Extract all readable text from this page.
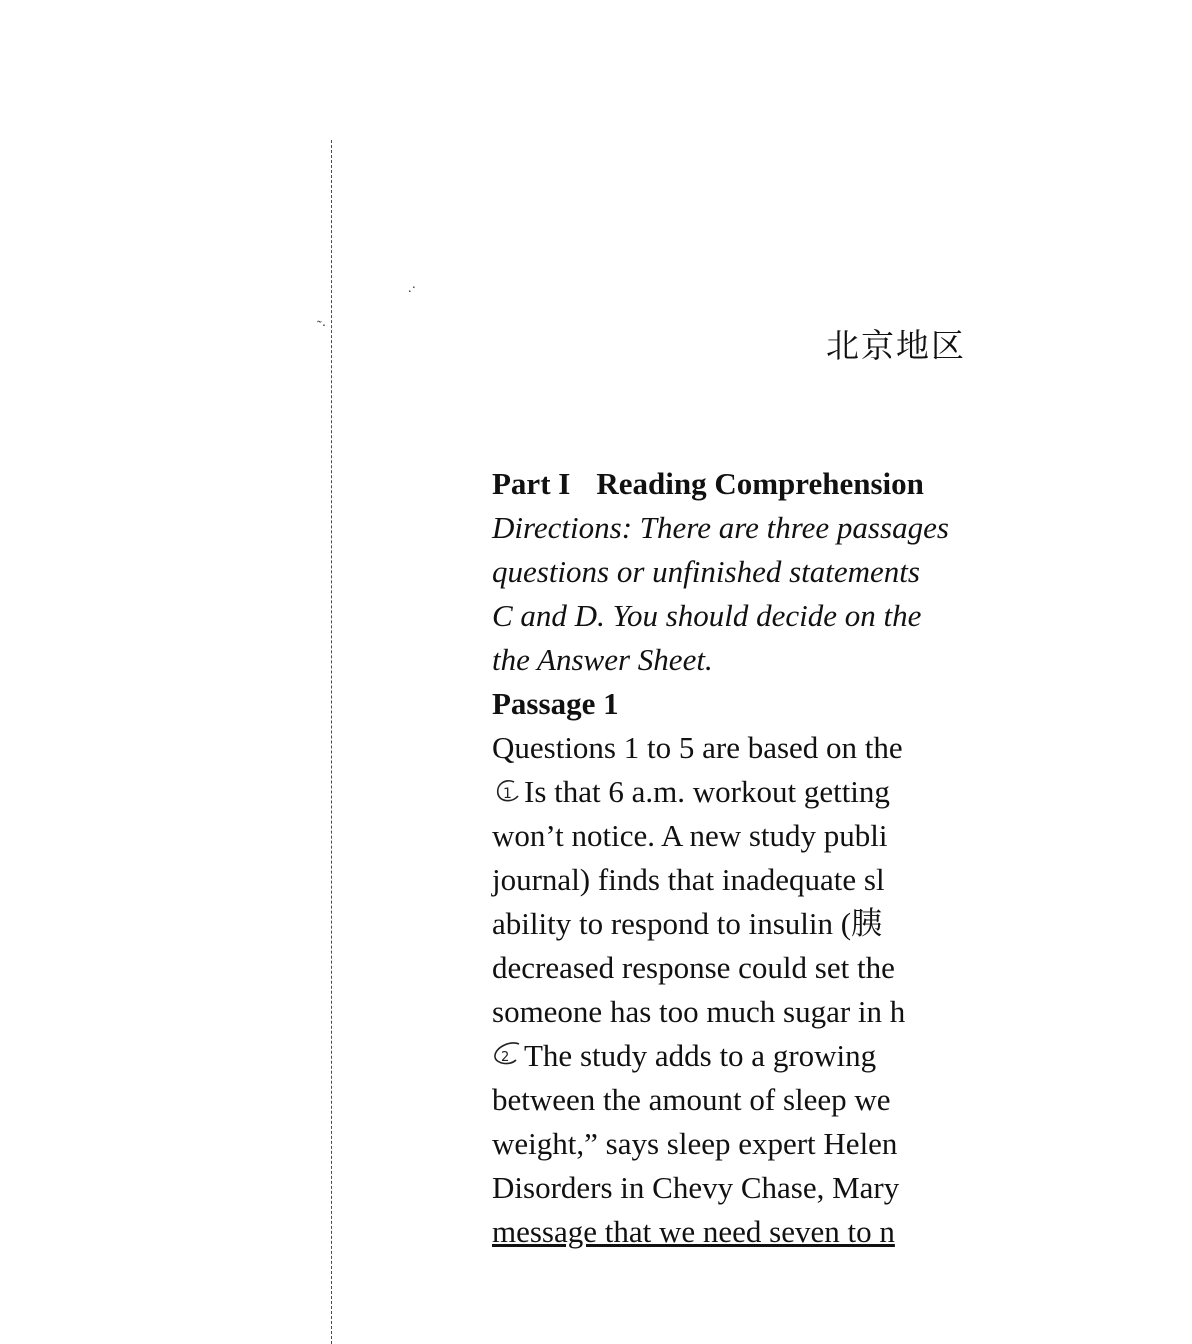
.·
˜·	北京地区
Part I Reading Comprehension
Directions: There are three passages
questions or unfinished statements
C and D. You should decide on the
the Answer Sheet.
Passage 1
Questions 1 to 5 are based on the
1 Is that 6 a.m. workout getting
won’t notice. A new study publi
journal) finds that inadequate sl
ability to respond to insulin (胰
decreased response could set the
someone has too much sugar in h
2 The study adds to a growing
between the amount of sleep we
weight,” says sleep expert Helen
Disorders in Chevy Chase, Mary
message that we need seven to n
